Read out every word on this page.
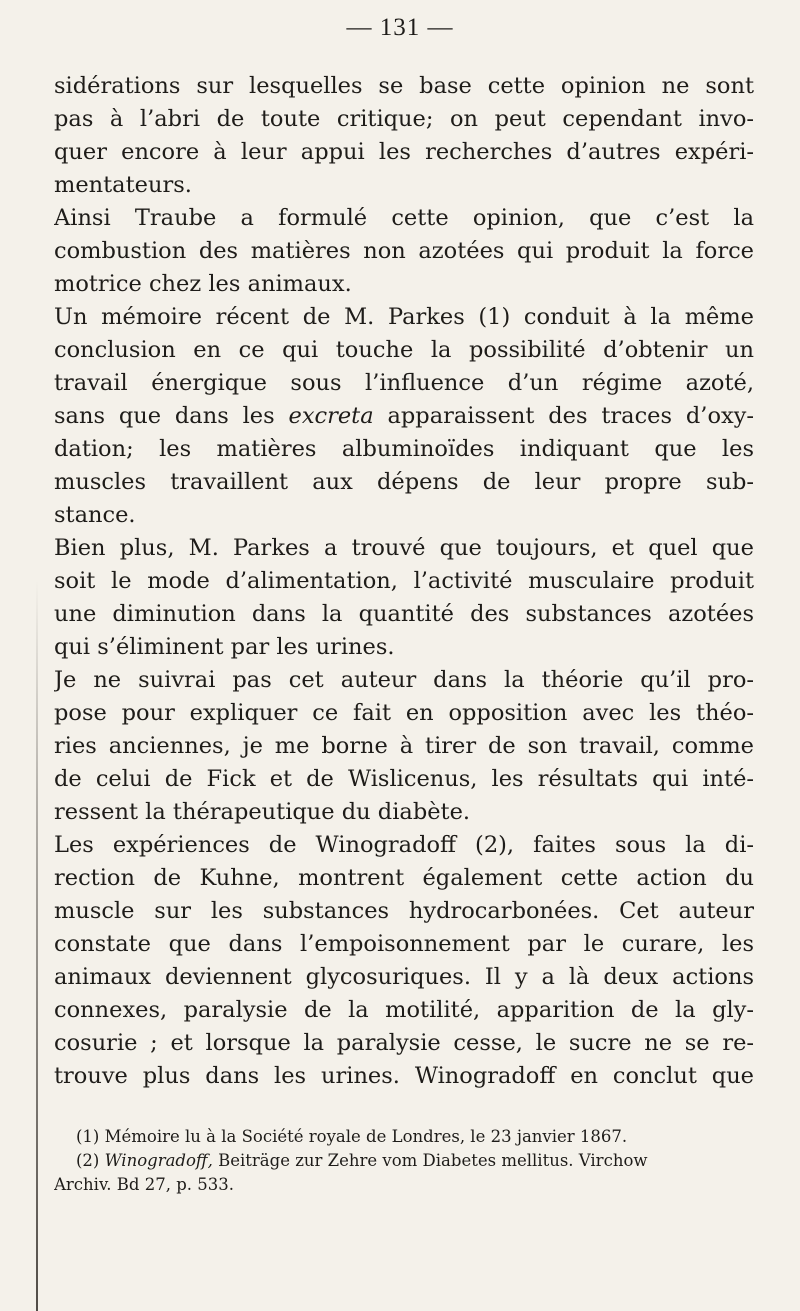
— 131 —
sidérations sur lesquelles se base cette opinion ne sont
pas à l’abri de toute critique; on peut cependant invo-
quer encore à leur appui les recherches d’autres expéri-
mentateurs.
Ainsi Traube a formulé cette opinion, que c’est la
combustion des matières non azotées qui produit la force
motrice chez les animaux.
Un mémoire récent de M. Parkes (1) conduit à la même
conclusion en ce qui touche la possibilité d’obtenir un
travail énergique sous l’influence d’un régime azoté,
sans que dans les excreta apparaissent des traces d’oxy-
dation; les matières albuminoïdes indiquant que les
muscles travaillent aux dépens de leur propre sub-
stance.
Bien plus, M. Parkes a trouvé que toujours, et quel que
soit le mode d’alimentation, l’activité musculaire produit
une diminution dans la quantité des substances azotées
qui s’éliminent par les urines.
Je ne suivrai pas cet auteur dans la théorie qu’il pro-
pose pour expliquer ce fait en opposition avec les théo-
ries anciennes, je me borne à tirer de son travail, comme
de celui de Fick et de Wislicenus, les résultats qui inté-
ressent la thérapeutique du diabète.
Les expériences de Winogradoff (2), faites sous la di-
rection de Kuhne, montrent également cette action du
muscle sur les substances hydrocarbonées. Cet auteur
constate que dans l’empoisonnement par le curare, les
animaux deviennent glycosuriques. Il y a là deux actions
connexes, paralysie de la motilité, apparition de la gly-
cosurie ; et lorsque la paralysie cesse, le sucre ne se re-
trouve plus dans les urines. Winogradoff en conclut que
(1) Mémoire lu à la Société royale de Londres, le 23 janvier 1867.
(2) Winogradoff, Beiträge zur Zehre vom Diabetes mellitus. Virchow
Archiv. Bd 27, p. 533.
